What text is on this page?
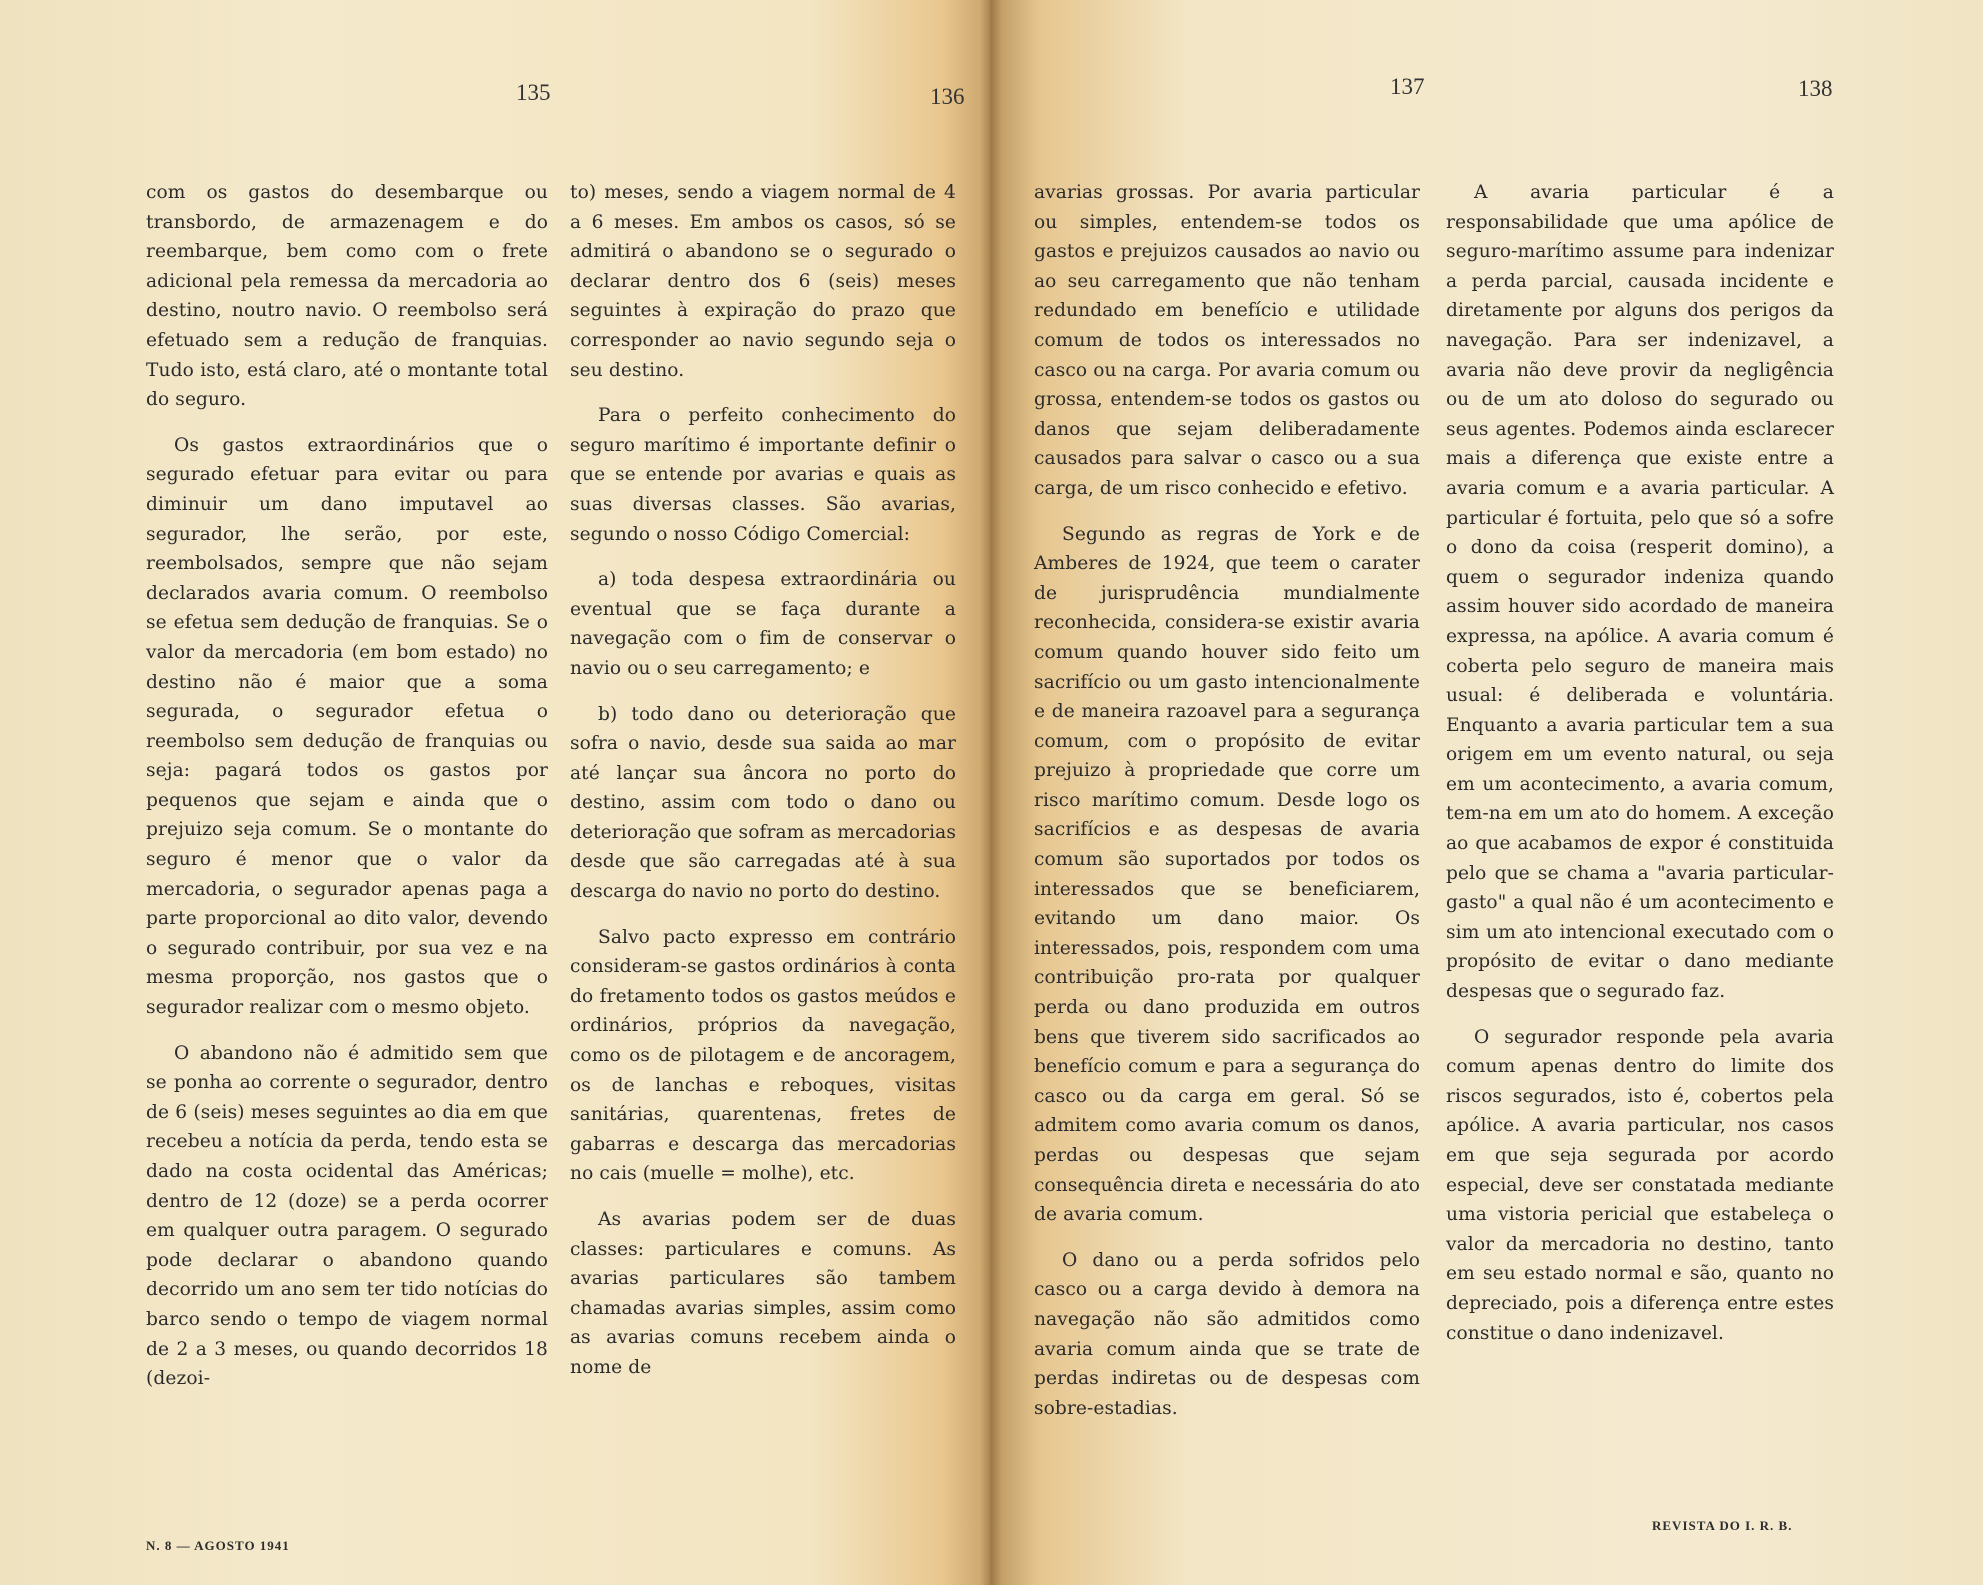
135	136	137	138

com os gastos do desembarque ou transbordo, de armazenagem e do reembarque, bem como com o frete adicional pela remessa da mercadoria ao destino, noutro navio. O reembolso será efetuado sem a redução de franquias. Tudo isto, está claro, até o montante total do seguro.

Os gastos extraordinários que o segurado efetuar para evitar ou para diminuir um dano imputavel ao segurador, lhe serão, por este, reembolsados, sempre que não sejam declarados avaria comum. O reembolso se efetua sem dedução de franquias. Se o valor da mercadoria (em bom estado) no destino não é maior que a soma segurada, o segurador efetua o reembolso sem dedução de franquias ou seja: pagará todos os gastos por pequenos que sejam e ainda que o prejuizo seja comum. Se o montante do seguro é menor que o valor da mercadoria, o segurador apenas paga a parte proporcional ao dito valor, devendo o segurado contribuir, por sua vez e na mesma proporção, nos gastos que o segurador realizar com o mesmo objeto.

O abandono não é admitido sem que se ponha ao corrente o segurador, dentro de 6 (seis) meses seguintes ao dia em que recebeu a notícia da perda, tendo esta se dado na costa ocidental das Américas; dentro de 12 (doze) se a perda ocorrer em qualquer outra paragem. O segurado pode declarar o abandono quando decorrido um ano sem ter tido notícias do barco sendo o tempo de viagem normal de 2 a 3 meses, ou quando decorridos 18 (dezoi-

to) meses, sendo a viagem normal de 4 a 6 meses. Em ambos os casos, só se admitirá o abandono se o segurado o declarar dentro dos 6 (seis) meses seguintes à expiração do prazo que corresponder ao navio segundo seja o seu destino.

Para o perfeito conhecimento do seguro marítimo é importante definir o que se entende por avarias e quais as suas diversas classes. São avarias, segundo o nosso Código Comercial:

a) toda despesa extraordinária ou eventual que se faça durante a navegação com o fim de conservar o navio ou o seu carregamento; e

b) todo dano ou deterioração que sofra o navio, desde sua saida ao mar até lançar sua âncora no porto do destino, assim com todo o dano ou deterioração que sofram as mercadorias desde que são carregadas até à sua descarga do navio no porto do destino.

Salvo pacto expresso em contrário consideram-se gastos ordinários à conta do fretamento todos os gastos meúdos e ordinários, próprios da navegação, como os de pilotagem e de ancoragem, os de lanchas e reboques, visitas sanitárias, quarentenas, fretes de gabarras e descarga das mercadorias no cais (muelle = molhe), etc.

As avarias podem ser de duas classes: particulares e comuns. As avarias particulares são tambem chamadas avarias simples, assim como as avarias comuns recebem ainda o nome de

avarias grossas. Por avaria particular ou simples, entendem-se todos os gastos e prejuizos causados ao navio ou ao seu carregamento que não tenham redundado em benefício e utilidade comum de todos os interessados no casco ou na carga. Por avaria comum ou grossa, entendem-se todos os gastos ou danos que sejam deliberadamente causados para salvar o casco ou a sua carga, de um risco conhecido e efetivo.

Segundo as regras de York e de Amberes de 1924, que teem o carater de jurisprudência mundialmente reconhecida, considera-se existir avaria comum quando houver sido feito um sacrifício ou um gasto intencionalmente e de maneira razoavel para a segurança comum, com o propósito de evitar prejuizo à propriedade que corre um risco marítimo comum. Desde logo os sacrifícios e as despesas de avaria comum são suportados por todos os interessados que se beneficiarem, evitando um dano maior. Os interessados, pois, respondem com uma contribuição pro-rata por qualquer perda ou dano produzida em outros bens que tiverem sido sacrificados ao benefício comum e para a segurança do casco ou da carga em geral. Só se admitem como avaria comum os danos, perdas ou despesas que sejam consequência direta e necessária do ato de avaria comum.

O dano ou a perda sofridos pelo casco ou a carga devido à demora na navegação não são admitidos como avaria comum ainda que se trate de perdas indiretas ou de despesas com sobre-estadias.

A avaria particular é a responsabilidade que uma apólice de seguro-marítimo assume para indenizar a perda parcial, causada incidente e diretamente por alguns dos perigos da navegação. Para ser indenizavel, a avaria não deve provir da negligência ou de um ato doloso do segurado ou seus agentes. Podemos ainda esclarecer mais a diferença que existe entre a avaria comum e a avaria particular. A particular é fortuita, pelo que só a sofre o dono da coisa (resperit domino), a quem o segurador indeniza quando assim houver sido acordado de maneira expressa, na apólice. A avaria comum é coberta pelo seguro de maneira mais usual: é deliberada e voluntária. Enquanto a avaria particular tem a sua origem em um evento natural, ou seja em um acontecimento, a avaria comum, tem-na em um ato do homem. A exceção ao que acabamos de expor é constituida pelo que se chama a "avaria particular-gasto" a qual não é um acontecimento e sim um ato intencional executado com o propósito de evitar o dano mediante despesas que o segurado faz.

O segurador responde pela avaria comum apenas dentro do limite dos riscos segurados, isto é, cobertos pela apólice. A avaria particular, nos casos em que seja segurada por acordo especial, deve ser constatada mediante uma vistoria pericial que estabeleça o valor da mercadoria no destino, tanto em seu estado normal e são, quanto no depreciado, pois a diferença entre estes constitue o dano indenizavel.

N. 8 — AGOSTO 1941
REVISTA DO I. R. B.
